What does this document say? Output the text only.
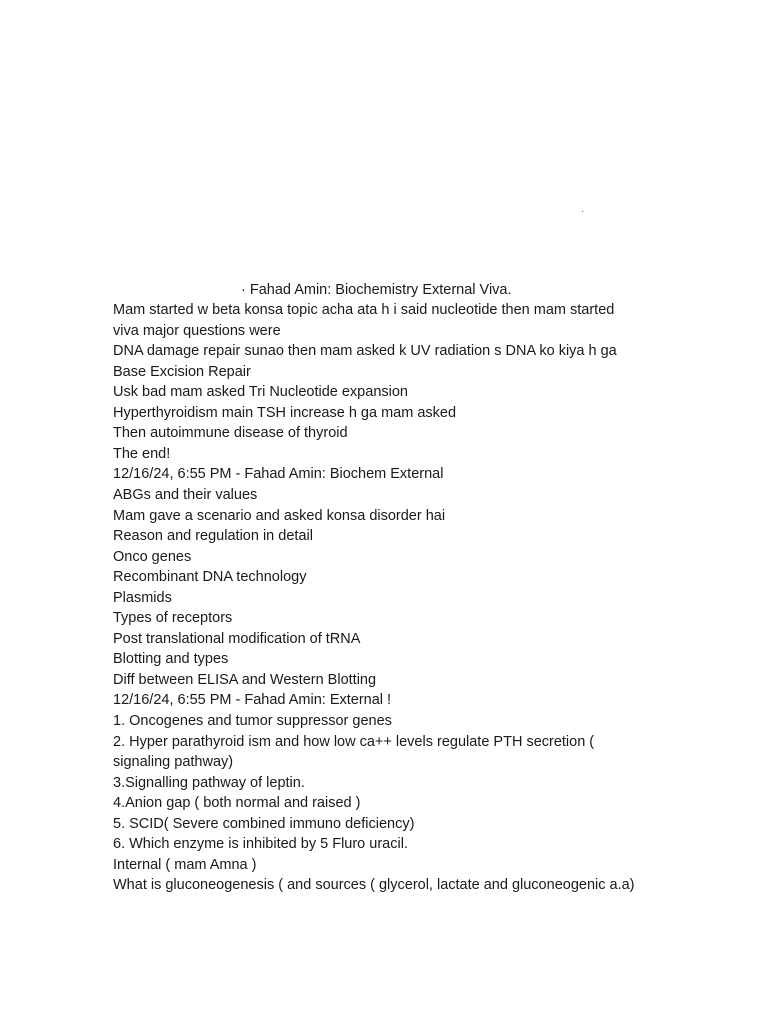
·
· Fahad Amin: Biochemistry External Viva.
Mam started w beta konsa topic acha ata h i said nucleotide then mam started
viva major questions were
DNA damage repair sunao then mam asked k UV radiation s DNA ko kiya h ga
Base Excision Repair
Usk bad mam asked Tri Nucleotide expansion
Hyperthyroidism main TSH increase h ga mam asked
Then autoimmune disease of thyroid
The end!
12/16/24, 6:55 PM - Fahad Amin: Biochem External
ABGs and their values
Mam gave a scenario and asked konsa disorder hai
Reason and regulation in detail
Onco genes
Recombinant DNA technology
Plasmids
Types of receptors
Post translational modification of tRNA
Blotting and types
Diff between ELISA and Western Blotting
12/16/24, 6:55 PM - Fahad Amin: External !
1. Oncogenes and tumor suppressor genes
2. Hyper parathyroid ism and how low ca++ levels regulate PTH secretion (
signaling pathway)
3.Signalling pathway of leptin.
4.Anion gap ( both normal and raised )
5. SCID( Severe combined immuno deficiency)
6. Which enzyme is inhibited by 5 Fluro uracil.
Internal ( mam Amna )
What is gluconeogenesis ( and sources ( glycerol, lactate and gluconeogenic a.a)
